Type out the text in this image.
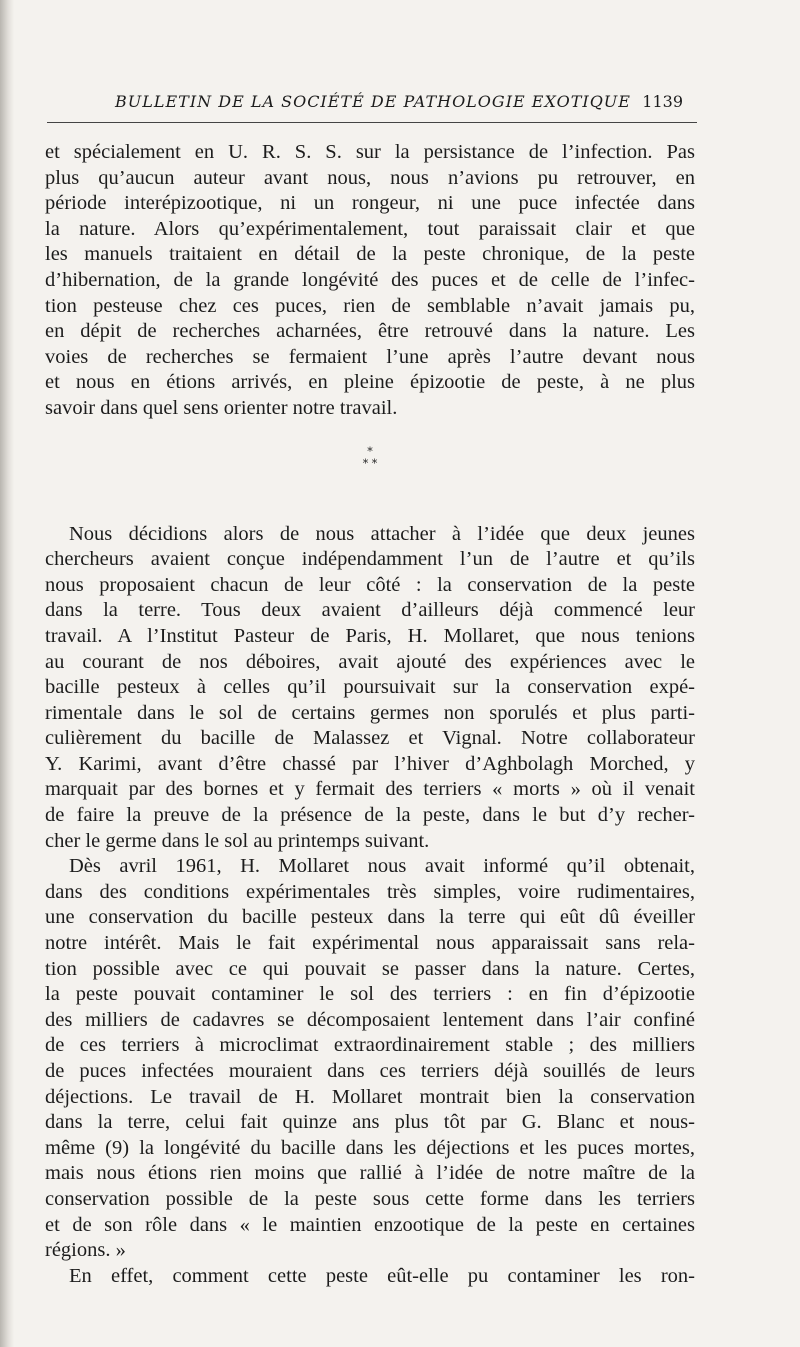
BULLETIN DE LA SOCIÉTÉ DE PATHOLOGIE EXOTIQUE 1139
et spécialement en U. R. S. S. sur la persistance de l’infection. Pas
plus qu’aucun auteur avant nous, nous n’avions pu retrouver, en
période interépizootique, ni un rongeur, ni une puce infectée dans
la nature. Alors qu’expérimentalement, tout paraissait clair et que
les manuels traitaient en détail de la peste chronique, de la peste
d’hibernation, de la grande longévité des puces et de celle de l’infec-
tion pesteuse chez ces puces, rien de semblable n’avait jamais pu,
en dépit de recherches acharnées, être retrouvé dans la nature. Les
voies de recherches se fermaient l’une après l’autre devant nous
et nous en étions arrivés, en pleine épizootie de peste, à ne plus
savoir dans quel sens orienter notre travail.
*
* *
Nous décidions alors de nous attacher à l’idée que deux jeunes
chercheurs avaient conçue indépendamment l’un de l’autre et qu’ils
nous proposaient chacun de leur côté : la conservation de la peste
dans la terre. Tous deux avaient d’ailleurs déjà commencé leur
travail. A l’Institut Pasteur de Paris, H. Mollaret, que nous tenions
au courant de nos déboires, avait ajouté des expériences avec le
bacille pesteux à celles qu’il poursuivait sur la conservation expé-
rimentale dans le sol de certains germes non sporulés et plus parti-
culièrement du bacille de Malassez et Vignal. Notre collaborateur
Y. Karimi, avant d’être chassé par l’hiver d’Aghbolagh Morched, y
marquait par des bornes et y fermait des terriers « morts » où il venait
de faire la preuve de la présence de la peste, dans le but d’y recher-
cher le germe dans le sol au printemps suivant.
Dès avril 1961, H. Mollaret nous avait informé qu’il obtenait,
dans des conditions expérimentales très simples, voire rudimentaires,
une conservation du bacille pesteux dans la terre qui eût dû éveiller
notre intérêt. Mais le fait expérimental nous apparaissait sans rela-
tion possible avec ce qui pouvait se passer dans la nature. Certes,
la peste pouvait contaminer le sol des terriers : en fin d’épizootie
des milliers de cadavres se décomposaient lentement dans l’air confiné
de ces terriers à microclimat extraordinairement stable ; des milliers
de puces infectées mouraient dans ces terriers déjà souillés de leurs
déjections. Le travail de H. Mollaret montrait bien la conservation
dans la terre, celui fait quinze ans plus tôt par G. Blanc et nous-
même (9) la longévité du bacille dans les déjections et les puces mortes,
mais nous étions rien moins que rallié à l’idée de notre maître de la
conservation possible de la peste sous cette forme dans les terriers
et de son rôle dans « le maintien enzootique de la peste en certaines
régions. »
En effet, comment cette peste eût-elle pu contaminer les ron-
